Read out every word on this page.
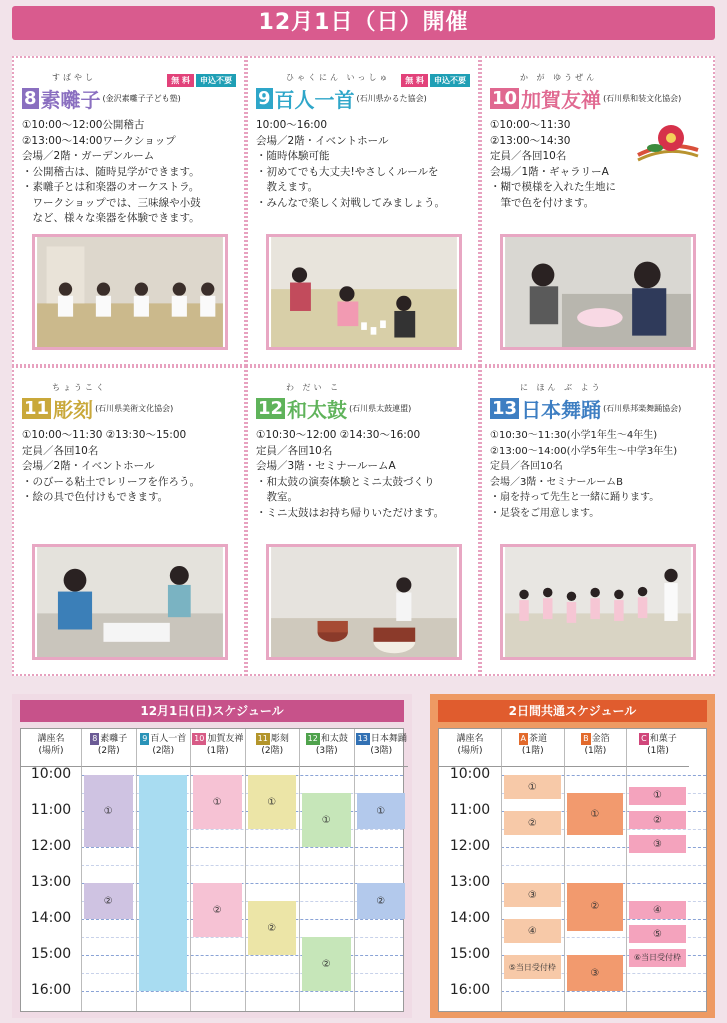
12月1日（日）開催
すばやし	無 料 申込不要
8 素囃子 (金沢素囃子子ども塾)
①10:00～12:00公開稽古
②13:00～14:00ワークショップ
会場／2階・ガーデンルーム
・公開稽古は、随時見学ができます。
・素囃子とは和楽器のオーケストラ。
　ワークショップでは、三味線や小鼓
　など、様々な楽器を体験できます。
ひゃくにん いっしゅ	無 料 申込不要
9 百人一首 (石川県かるた協会)
10:00～16:00
会場／2階・イベントホール
・随時体験可能
・初めてでも大丈夫!やさしくルールを
　教えます。
・みんなで楽しく対戦してみましょう。
か が ゆうぜん
10 加賀友禅 (石川県和装文化協会)
①10:00～11:30
②13:00～14:30
定員／各回10名
会場／1階・ギャラリーA
・糊で模様を入れた生地に
　筆で色を付けます。
ちょうこく
11 彫刻 (石川県美術文化協会)
①10:00～11:30 ②13:30～15:00
定員／各回10名
会場／2階・イベントホール
・のびーる粘土でレリーフを作ろう。
・絵の具で色付けもできます。
わ だい こ
12 和太鼓 (石川県太鼓連盟)
①10:30～12:00 ②14:30～16:00
定員／各回10名
会場／3階・セミナールームA
・和太鼓の演奏体験とミニ太鼓づくり
　教室。
・ミニ太鼓はお持ち帰りいただけます。
に ほん ぶ よう
13 日本舞踊 (石川県邦楽舞踊協会)
①10:30～11:30(小学1年生～4年生)
②13:00～14:00(小学5年生～中学3年生)
定員／各回10名
会場／3階・セミナールームB
・扇を持って先生と一緒に踊ります。
・足袋をご用意します。
12月1日(日)スケジュール
講座名
(場所)
10:00
11:00
12:00
13:00
14:00
15:00
16:00
8 素囃子
(2階)
9 百人一首
(2階)
10 加賀友禅
(1階)
11 彫刻
(2階)
12 和太鼓
(3階)
13 日本舞踊
(3階)
①
②
①
②
①
②
①
②
①
②
2日間共通スケジュール
講座名
(場所)
10:00
11:00
12:00
13:00
14:00
15:00
16:00
A 茶道
(1階)
B 金箔
(1階)
C 和菓子
(1階)
①
②
③
④
⑤当日受付枠
①
②
③
①
②
③
④
⑤
⑥当日受付枠
